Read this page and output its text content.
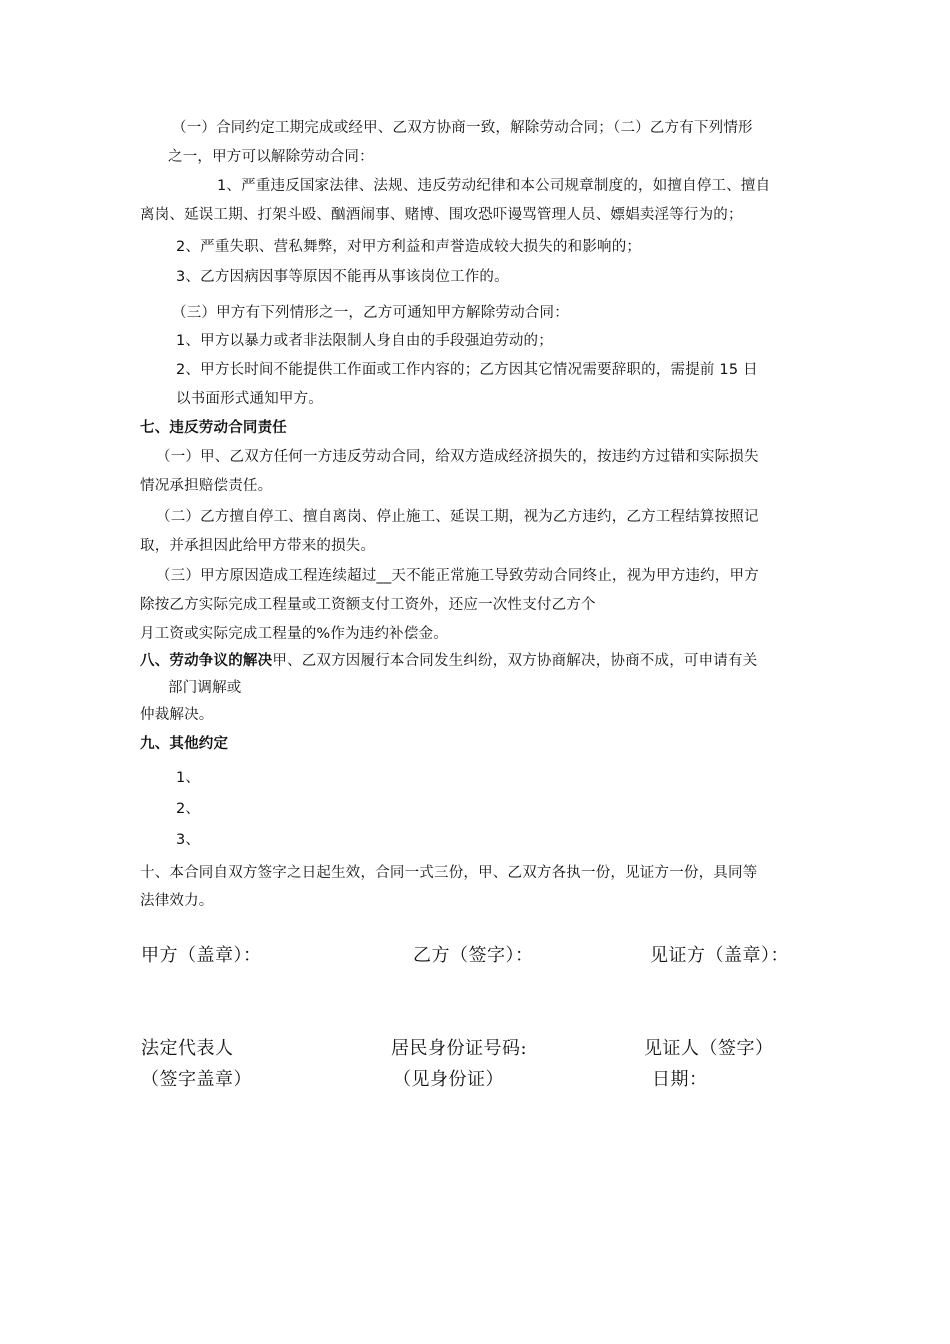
（一）合同约定工期完成或经甲、乙双方协商一致，解除劳动合同；（二）乙方有下列情形
之一，甲方可以解除劳动合同：
1、严重违反国家法律、法规、违反劳动纪律和本公司规章制度的，如擅自停工、擅自
离岗、延误工期、打架斗殴、酗酒闹事、赌博、围攻恐吓谩骂管理人员、嫖娼卖淫等行为的；
2、严重失职、营私舞弊，对甲方利益和声誉造成较大损失的和影响的；
3、乙方因病因事等原因不能再从事该岗位工作的。
（三）甲方有下列情形之一，乙方可通知甲方解除劳动合同：
1、甲方以暴力或者非法限制人身自由的手段强迫劳动的；
2、甲方长时间不能提供工作面或工作内容的；乙方因其它情况需要辞职的，需提前 15 日
以书面形式通知甲方。
七、违反劳动合同责任
（一）甲、乙双方任何一方违反劳动合同，给双方造成经济损失的，按违约方过错和实际损失
情况承担赔偿责任。
（二）乙方擅自停工、擅自离岗、停止施工、延误工期，视为乙方违约，乙方工程结算按照记
取，并承担因此给甲方带来的损失。
（三）甲方原因造成工程连续超过__天不能正常施工导致劳动合同终止，视为甲方违约，甲方
除按乙方实际完成工程量或工资额支付工资外，还应一次性支付乙方个
月工资或实际完成工程量的%作为违约补偿金。
八、劳动争议的解决甲、乙双方因履行本合同发生纠纷，双方协商解决，协商不成，可申请有关
部门调解或
仲裁解决。
九、其他约定
1、
2、
3、
十、本合同自双方签字之日起生效，合同一式三份，甲、乙双方各执一份，见证方一份，具同等
法律效力。
甲方（盖章）：	乙方（签字）：	见证方（盖章）：
法定代表人	居民身份证号码:	见证人（签字）
（签字盖章）	（见身份证）	日期：
